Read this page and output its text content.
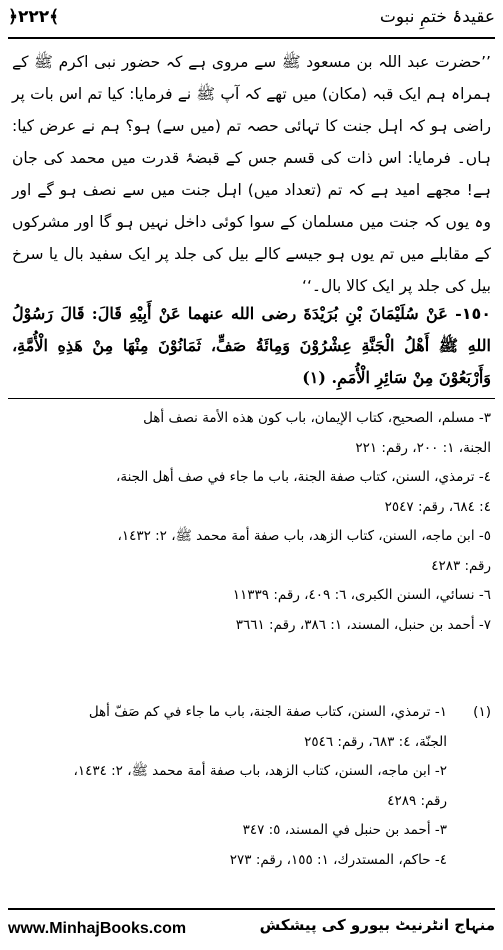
﴿٢٢٢﴾	عقیدۂ ختمِ نبوت
’’حضرت عبد اللہ بن مسعود ﷺ سے مروی ہے کہ حضور نبی اکرم ﷺ کے ہمراہ ہم ایک قبہ (مکان) میں تھے کہ آپ ﷺ نے فرمایا: کیا تم اس بات پر راضی ہو کہ اہل جنت کا تہائی حصہ تم (میں سے) ہو؟ ہم نے عرض کیا: ہاں۔ فرمایا: اس ذات کی قسم جس کے قبضۂ قدرت میں محمد کی جان ہے! مجھے امید ہے کہ تم (تعداد میں) اہل جنت میں سے نصف ہو گے اور وہ یوں کہ جنت میں مسلمان کے سوا کوئی داخل نہیں ہو گا اور مشرکوں کے مقابلے میں تم یوں ہو جیسے کالے بیل کی جلد پر ایک سفید بال یا سرخ بیل کی جلد پر ایک کالا بال۔‘‘
١٥٠- عَنْ سُلَيْمَانَ بْنِ بُرَيْدَةَ رضی الله عنهما عَنْ أَبِيْهِ قَالَ: قَالَ رَسُوْلُ اللهِ ﷺ أَهْلُ الْجَنَّةِ عِشْرُوْنَ وَمِائَةُ صَفٍّ، ثَمَانُوْنَ مِنْهَا مِنْ هَذِهِ الْأُمَّةِ، وَأَرْبَعُوْنَ مِنْ سَائِرِ الْأُمَمِ. (١)
٣- مسلم، الصحيح، كتاب الإيمان، باب كون هذه الأمة نصف أهل
الجنة، ١: ٢٠٠، رقم: ٢٢١
٤- ترمذي، السنن، كتاب صفة الجنة، باب ما جاء في صف أهل الجنة،
٤: ٦٨٤، رقم: ٢٥٤٧
٥- ابن ماجه، السنن، كتاب الزهد، باب صفة أمة محمد ﷺ، ٢: ١٤٣٢،
رقم: ٤٢٨٣
٦- نسائي، السنن الكبرى، ٦: ٤٠٩، رقم: ١١٣٣٩
٧- أحمد بن حنبل، المسند، ١: ٣٨٦، رقم: ٣٦٦١
(١)١- ترمذي، السنن، كتاب صفة الجنة، باب ما جاء في كم صَفّ أهل
الجنّة، ٤: ٦٨٣، رقم: ٢٥٤٦
٢- ابن ماجه، السنن، كتاب الزهد، باب صفة أمة محمد ﷺ، ٢: ١٤٣٤،
رقم: ٤٢٨٩
٣- أحمد بن حنبل في المسند، ٥: ٣٤٧
٤- حاكم، المستدرك، ١: ١٥٥، رقم: ٢٧٣
www.MinhajBooks.com	منہاج انٹرنیٹ بیورو کی پیشکش
